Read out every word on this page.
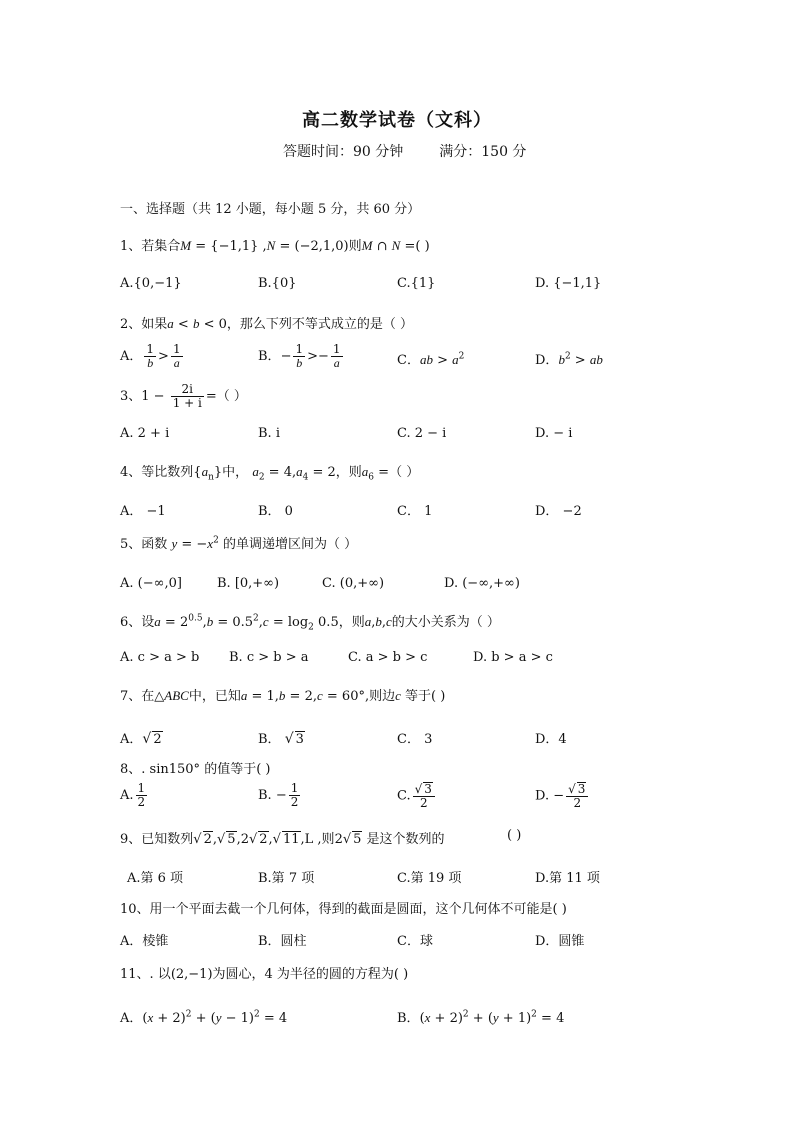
高二数学试卷（文科）
答题时间：90 分钟	满分：150 分
一、选择题（共 12 小题，每小题 5 分，共 60 分）
1、若集合M = {−1,1} ,N = (−2,1,0)则M ∩ N =( )
A.{0,−1}	B.{0}	C.{1}	D. {−1,1}
2、如果a < b < 0，那么下列不等式成立的是（ ）
A． $\frac{1}{b} > \frac{1}{a}$	B．− $\frac{1}{b} >- \frac{1}{a}$	C．ab > $a^2$	D．$b^2$ > ab
3、$1 - \frac{2i}{1 + i}$ =（ ）
A. 2 + i	B. i	C. 2 − i	D. − i
4、等比数列$\{a_n\}$中， $a_2 = 4,a_4 = 2$，则$a_6$ =（ ）
A． −1	B． 0	C． 1	D． −2
5、函数 $y = -x^2$ 的单调递增区间为（ ）
A. (−∞,0]	B. [0,+∞)	C. (0,+∞)	D. (−∞,+∞)
6、设$a = 2^{0.5},b = 0.5^2,c = \log_2 0.5$，则a,b,c的大小关系为（ ）
A. c > a > b B. c > b > a	C. a > b > c	D. b > a > c
7、在△ABC中，已知a = 1,b = 2,c = 60°,则边c 等于( )
A．√ 2	B． √ 3	C． 3	D．4
8、. sin150° 的值等于( )
A. $\frac{1}{2}$	B. − $\frac{1}{2}$	C. $\frac{√ 3}{2}$	D. − $\frac{√ 3}{2}$
9、已知数列√ 2,√ 5,2√ 2,√ 11,L ,则2√ 5 是这个数列的	( )
A.第 6 项	B.第 7 项	C.第 19 项	D.第 11 项
10、用一个平面去截一个几何体，得到的截面是圆面，这个几何体不可能是( )
A．棱锥	B．圆柱	C．球	D．圆锥
11、. 以(2,−1)为圆心，4 为半径的圆的方程为( )
A．$(x + 2)^2 + (y - 1)^2 = 4$	B．$(x + 2)^2 + (y + 1)^2 = 4$
